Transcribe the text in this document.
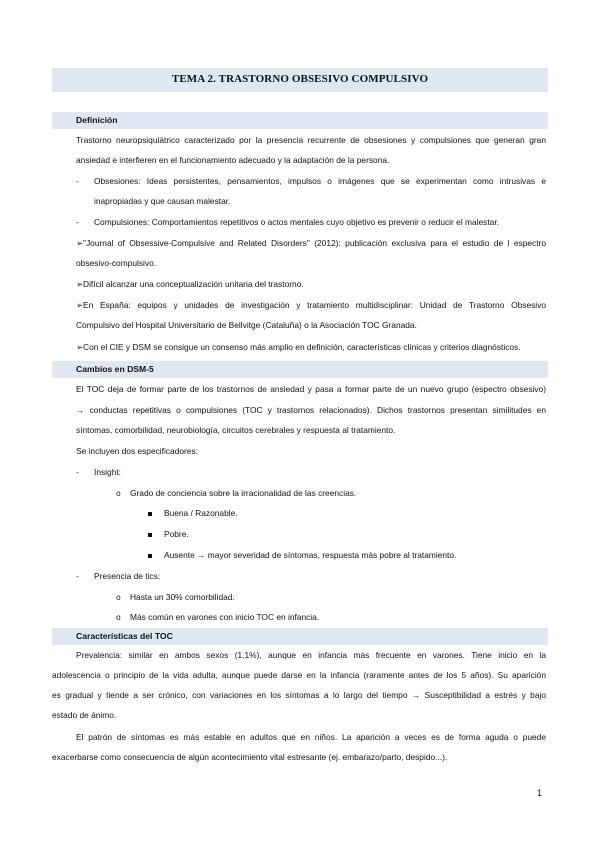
TEMA 2. TRASTORNO OBSESIVO COMPULSIVO
Definición
Trastorno neuropsiquiátrico caracterizado por la presencia recurrente de obsesiones y compulsiones que generan gran
ansiedad e interfieren en el funcionamiento adecuado y la adaptación de la persona.
- Obsesiones: Ideas persistentes, pensamientos, impulsos o imágenes que se experimentan como intrusivas e
inapropiadas y que causan malestar.
- Compulsiones: Comportamientos repetitivos o actos mentales cuyo objetivo es prevenir o reducir el malestar.
➢"Journal of Obsessive-Compulsive and Related Disorders" (2012): publicación exclusiva para el estudio de l espectro
obsesivo-compulsivo.
➢Difícil alcanzar una conceptualización unitaria del trastorno.
➢En España: equipos y unidades de investigación y tratamiento multidisciplinar: Unidad de Trastorno Obsesivo
Compulsivo del Hospital Universitario de Bellvitge (Cataluña) o la Asociación TOC Granada.
➢Con el CIE y DSM se consigue un consenso más amplio en definición, características clínicas y criterios diagnósticos.
Cambios en DSM-5
El TOC deja de formar parte de los trastornos de ansiedad y pasa a formar parte de un nuevo grupo (espectro obsesivo)
→ conductas repetitivas o compulsiones (TOC y trastornos relacionados). Dichos trastornos presentan similitudes en
síntomas, comorbilidad, neurobiología, circuitos cerebrales y respuesta al tratamiento.
Se incluyen dos especificadores:
- Insight:
o Grado de conciencia sobre la irracionalidad de las creencias.
Buena / Razonable.
Pobre.
Ausente → mayor severidad de síntomas, respuesta más pobre al tratamiento.
- Presencia de tics:
o Hasta un 30% comorbilidad.
o Más común en varones con inicio TOC en infancia.
Características del TOC
Prevalencia: similar en ambos sexos (1,1%), aunque en infancia más frecuente en varones. Tiene inicio en la
adolescencia o principio de la vida adulta, aunque puede darse en la infancia (raramente antes de los 5 años). Su aparición
es gradual y tiende a ser crónico, con variaciones en los síntomas a lo largo del tiempo → Susceptibilidad a estrés y bajo
estado de ánimo.
El patrón de síntomas es más estable en adultos que en niños. La aparición a veces es de forma aguda o puede
exacerbarse como consecuencia de algún acontecimiento vital estresante (ej. embarazo/parto, despido...).
1
